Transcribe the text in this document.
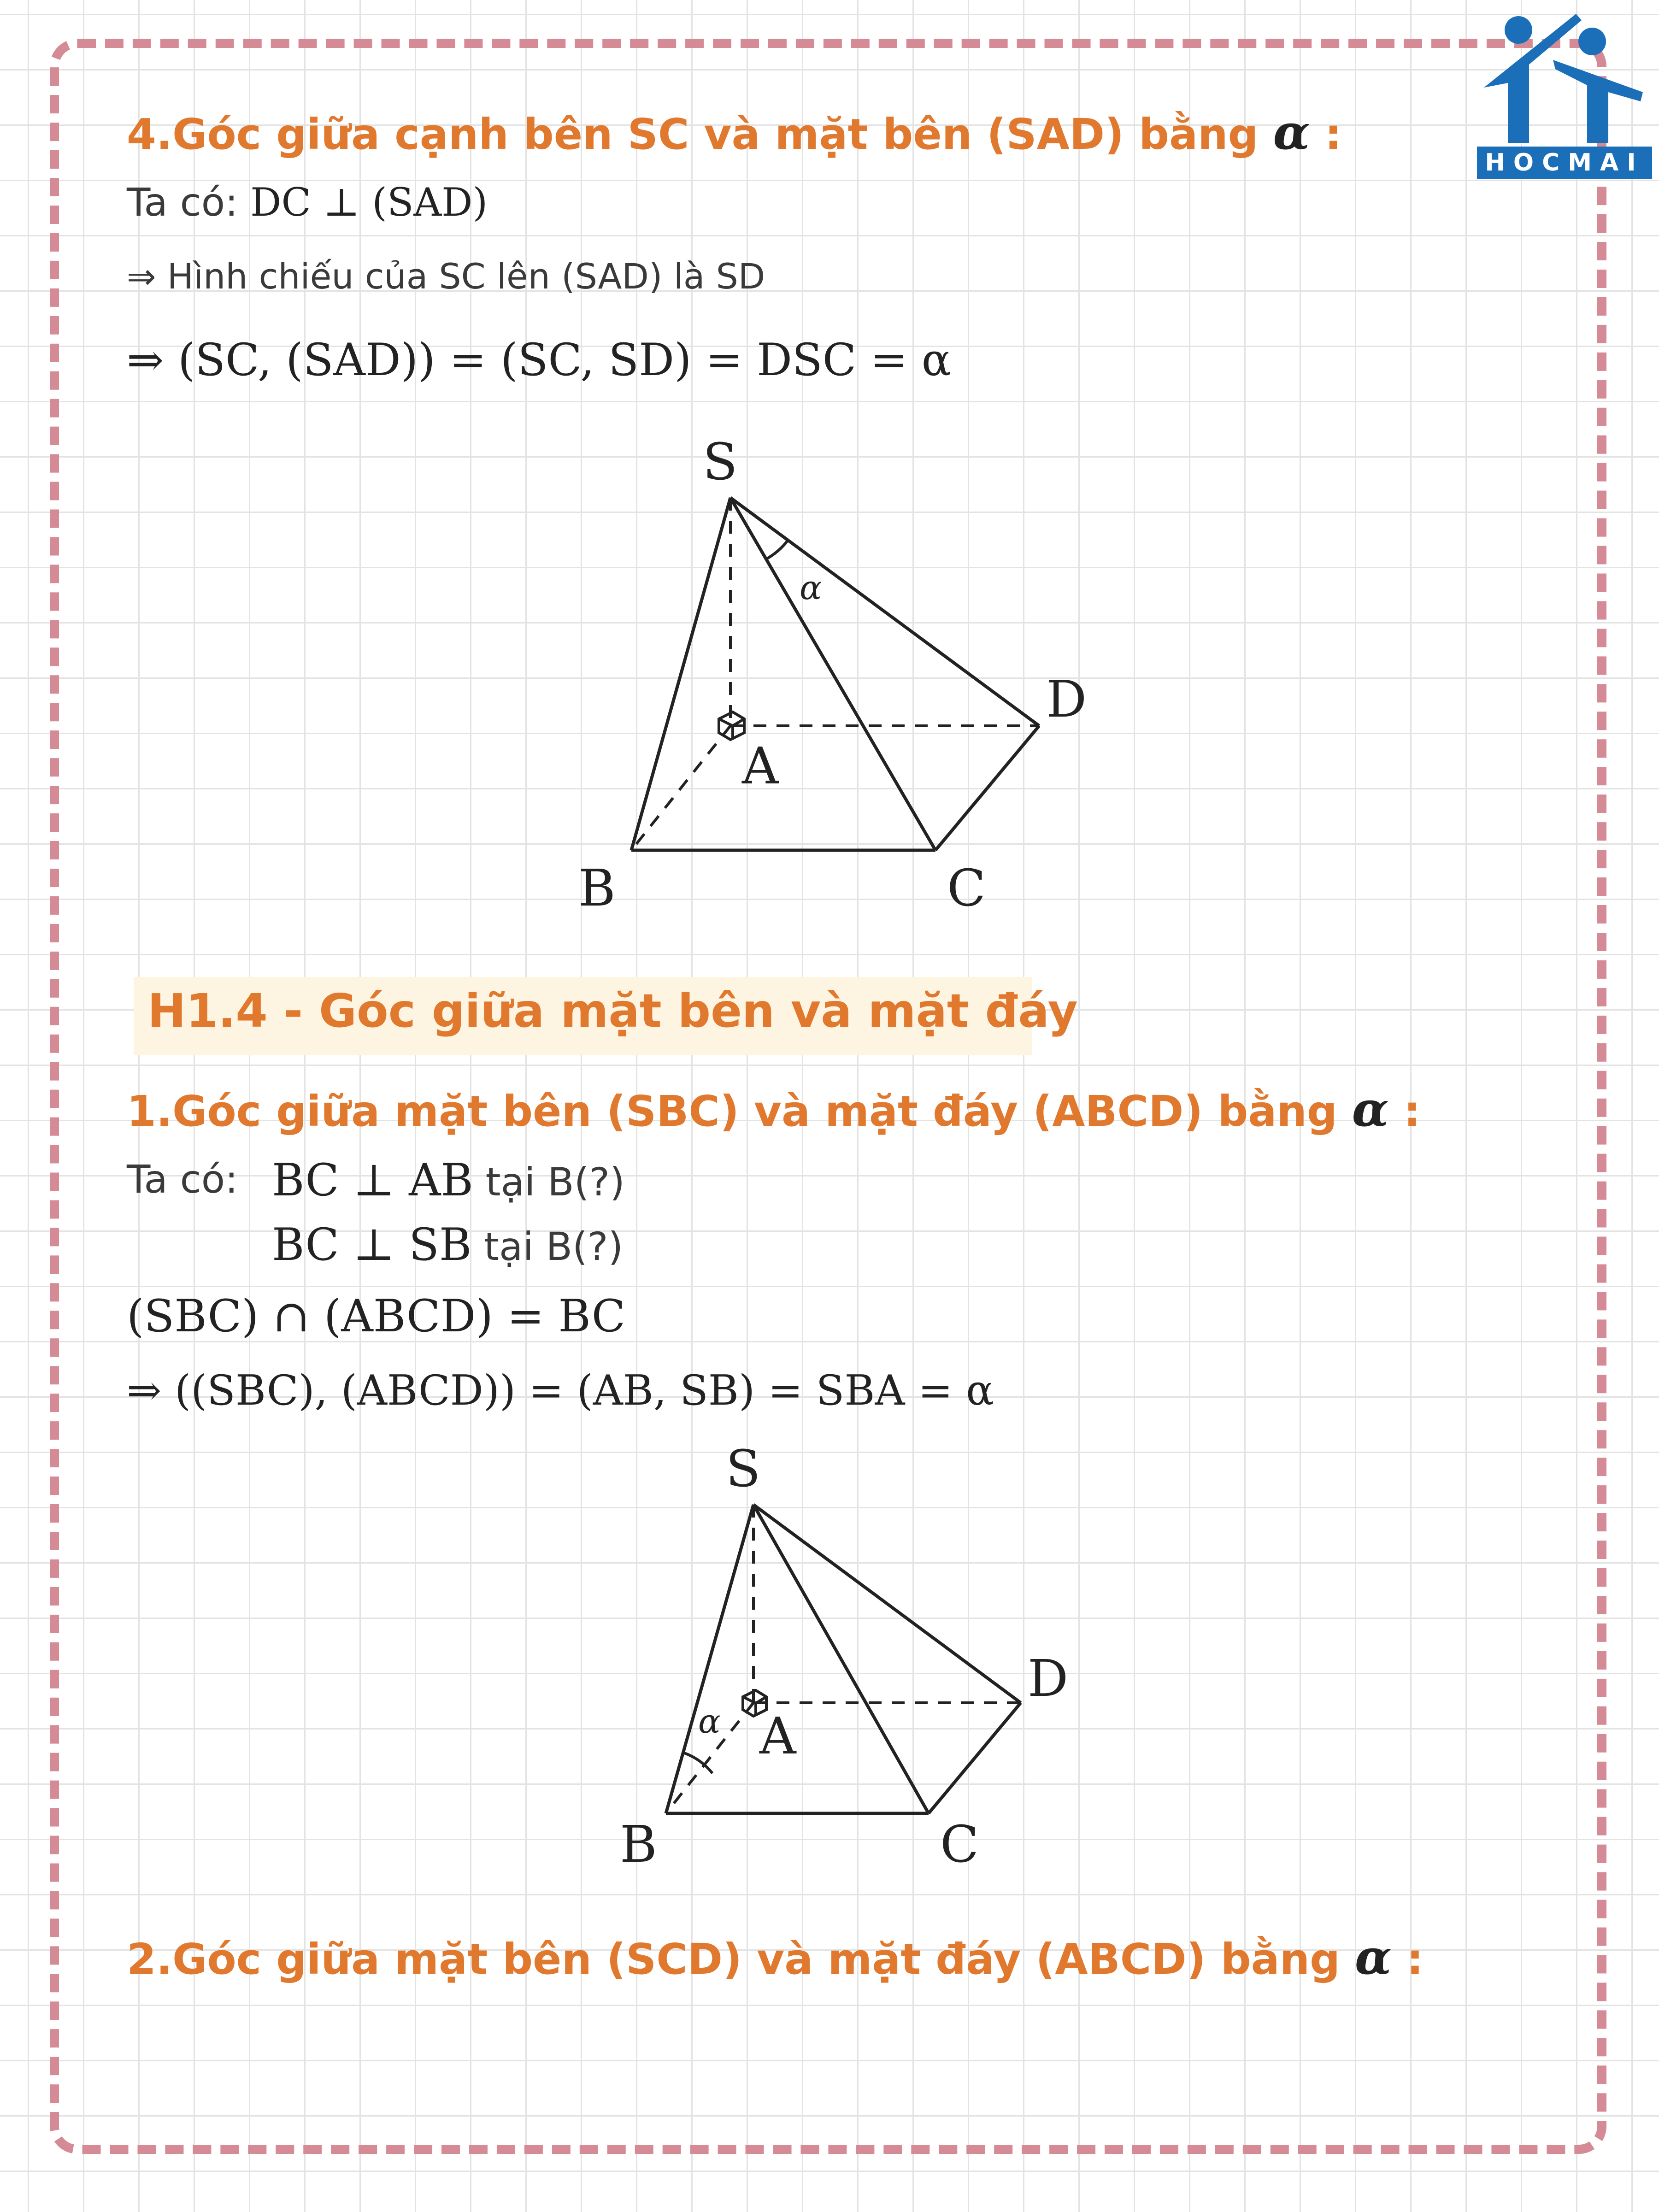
HOCMAI
4.Góc giữa cạnh bên SC và mặt bên (SAD) bằng α :
Ta có: DC ⊥ (SAD)
⇒ Hình chiếu của SC lên (SAD) là SD
⇒ (SC, (SAD)) = (SC, SD) = DSC = α
S
A
B	C
D
α
H1.4 - Góc giữa mặt bên và mặt đáy
1.Góc giữa mặt bên (SBC) và mặt đáy (ABCD) bằng α :
Ta có: BC ⊥ AB tại B(?)
BC ⊥ SB tại B(?)
(SBC) ∩ (ABCD) = BC
⇒ ((SBC), (ABCD)) = (AB, SB) = SBA = α
S
A
B	C
D
α
2.Góc giữa mặt bên (SCD) và mặt đáy (ABCD) bằng α :
